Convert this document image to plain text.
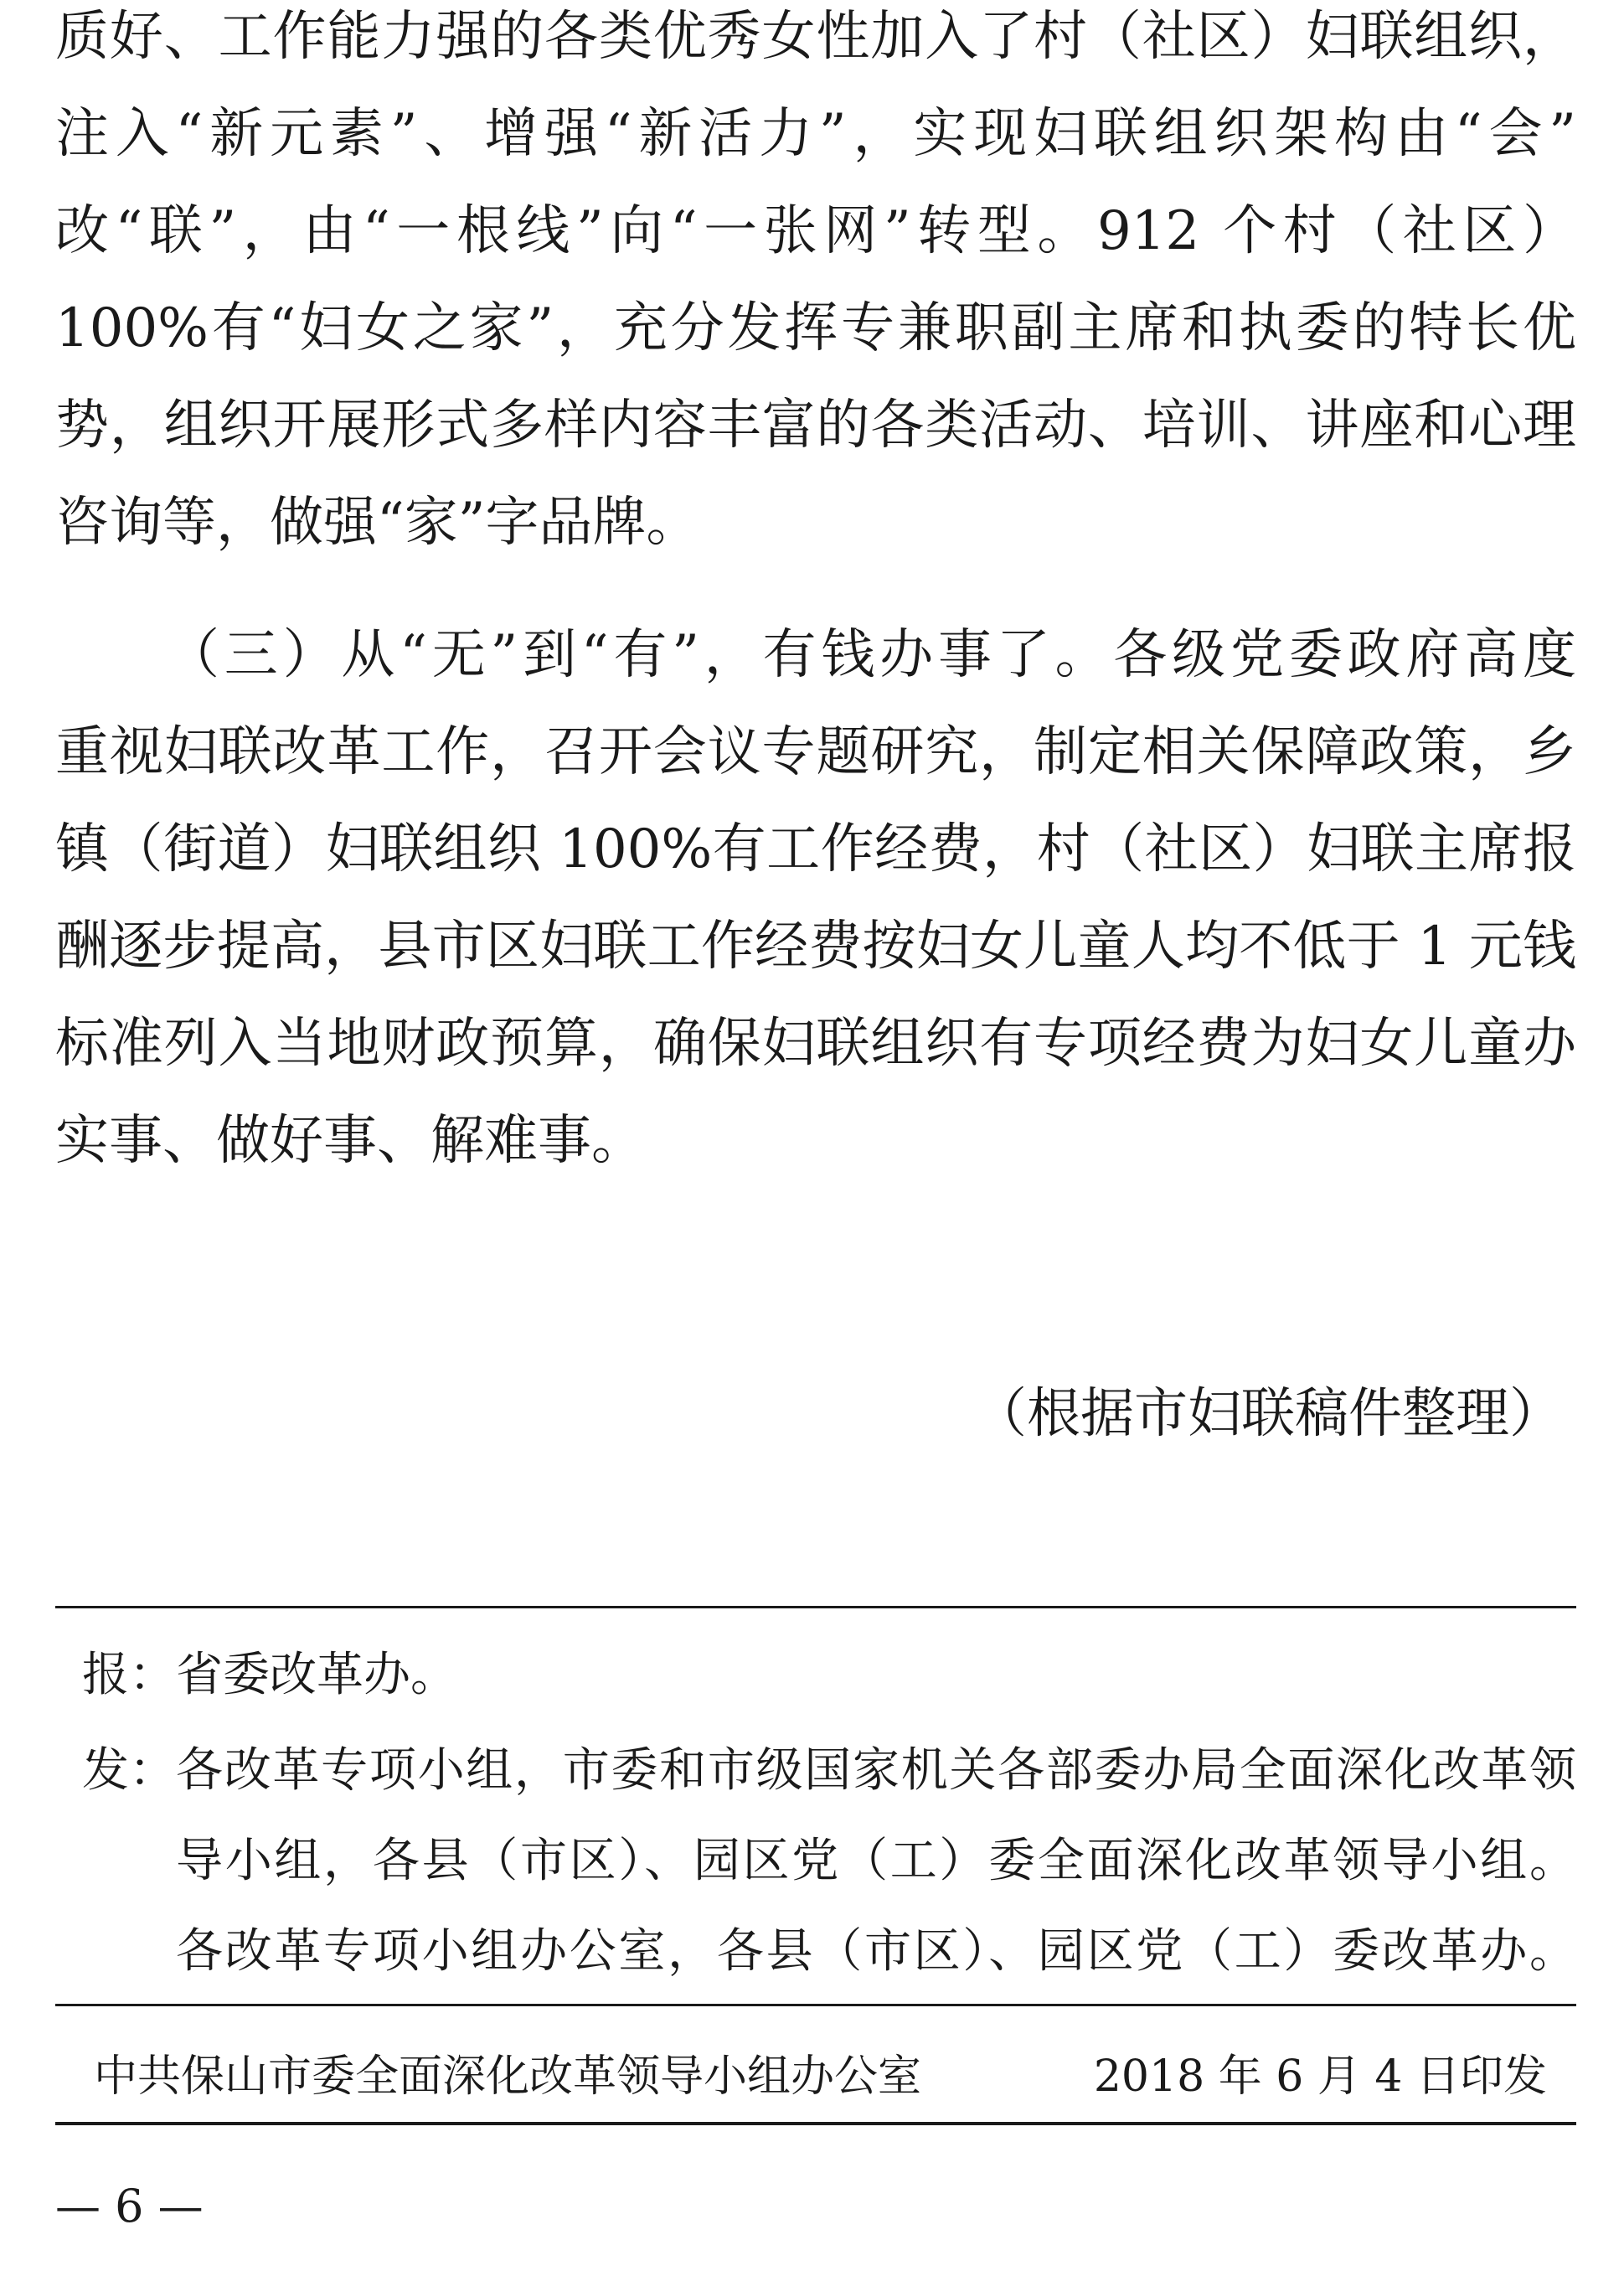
质好、工作能力强的各类优秀女性加入了村（社区）妇联组织，
注入“新元素”、增强“新活力”，实现妇联组织架构由“会”
改“联”，由“一根线”向“一张网”转型。912 个村（社区）
100%有“妇女之家”，充分发挥专兼职副主席和执委的特长优
势，组织开展形式多样内容丰富的各类活动、培训、讲座和心理
咨询等，做强“家”字品牌。
（三）从“无”到“有”，有钱办事了。各级党委政府高度
重视妇联改革工作，召开会议专题研究，制定相关保障政策，乡
镇（街道）妇联组织 100%有工作经费，村（社区）妇联主席报
酬逐步提高，县市区妇联工作经费按妇女儿童人均不低于 1 元钱
标准列入当地财政预算，确保妇联组织有专项经费为妇女儿童办
实事、做好事、解难事。
（根据市妇联稿件整理）
报： 省委改革办。
发： 各改革专项小组，市委和市级国家机关各部委办局全面深化改革领
导小组，各县（市区）、园区党（工）委全面深化改革领导小组。
各改革专项小组办公室，各县（市区）、园区党（工）委改革办。
中共保山市委全面深化改革领导小组办公室	2018 年 6 月 4 日印发
— 6 —
